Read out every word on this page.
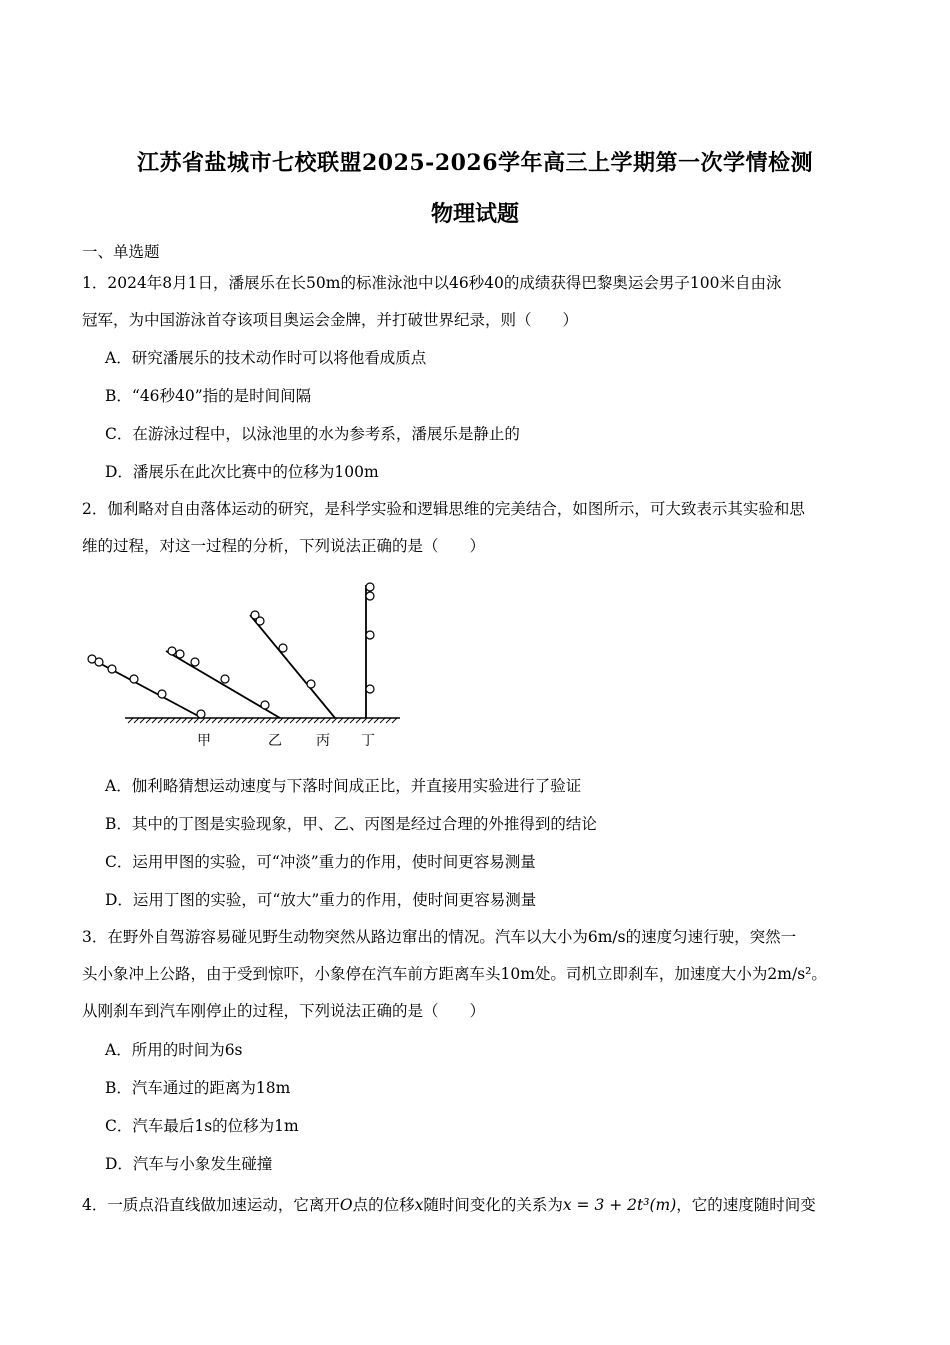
江苏省盐城市七校联盟2025-2026学年高三上学期第一次学情检测
物理试题
一、单选题
1．2024年8月1日，潘展乐在长50m的标准泳池中以46秒40的成绩获得巴黎奥运会男子100米自由泳
冠军，为中国游泳首夺该项目奥运会金牌，并打破世界纪录，则（　　）
A．研究潘展乐的技术动作时可以将他看成质点
B．“46秒40”指的是时间间隔
C．在游泳过程中，以泳池里的水为参考系，潘展乐是静止的
D．潘展乐在此次比赛中的位移为100m
2．伽利略对自由落体运动的研究，是科学实验和逻辑思维的完美结合，如图所示，可大致表示其实验和思
维的过程，对这一过程的分析，下列说法正确的是（　　）
甲	乙 丙 丁
A．伽利略猜想运动速度与下落时间成正比，并直接用实验进行了验证
B．其中的丁图是实验现象，甲、乙、丙图是经过合理的外推得到的结论
C．运用甲图的实验，可“冲淡”重力的作用，使时间更容易测量
D．运用丁图的实验，可“放大”重力的作用，使时间更容易测量
3．在野外自驾游容易碰见野生动物突然从路边窜出的情况。汽车以大小为6m/s的速度匀速行驶，突然一
头小象冲上公路，由于受到惊吓，小象停在汽车前方距离车头10m处。司机立即刹车，加速度大小为2m/s²。
从刚刹车到汽车刚停止的过程，下列说法正确的是（　　）
A．所用的时间为6s
B．汽车通过的距离为18m
C．汽车最后1s的位移为1m
D．汽车与小象发生碰撞
4．一质点沿直线做加速运动，它离开O点的位移x随时间变化的关系为x = 3 + 2t³(m)，它的速度随时间变
